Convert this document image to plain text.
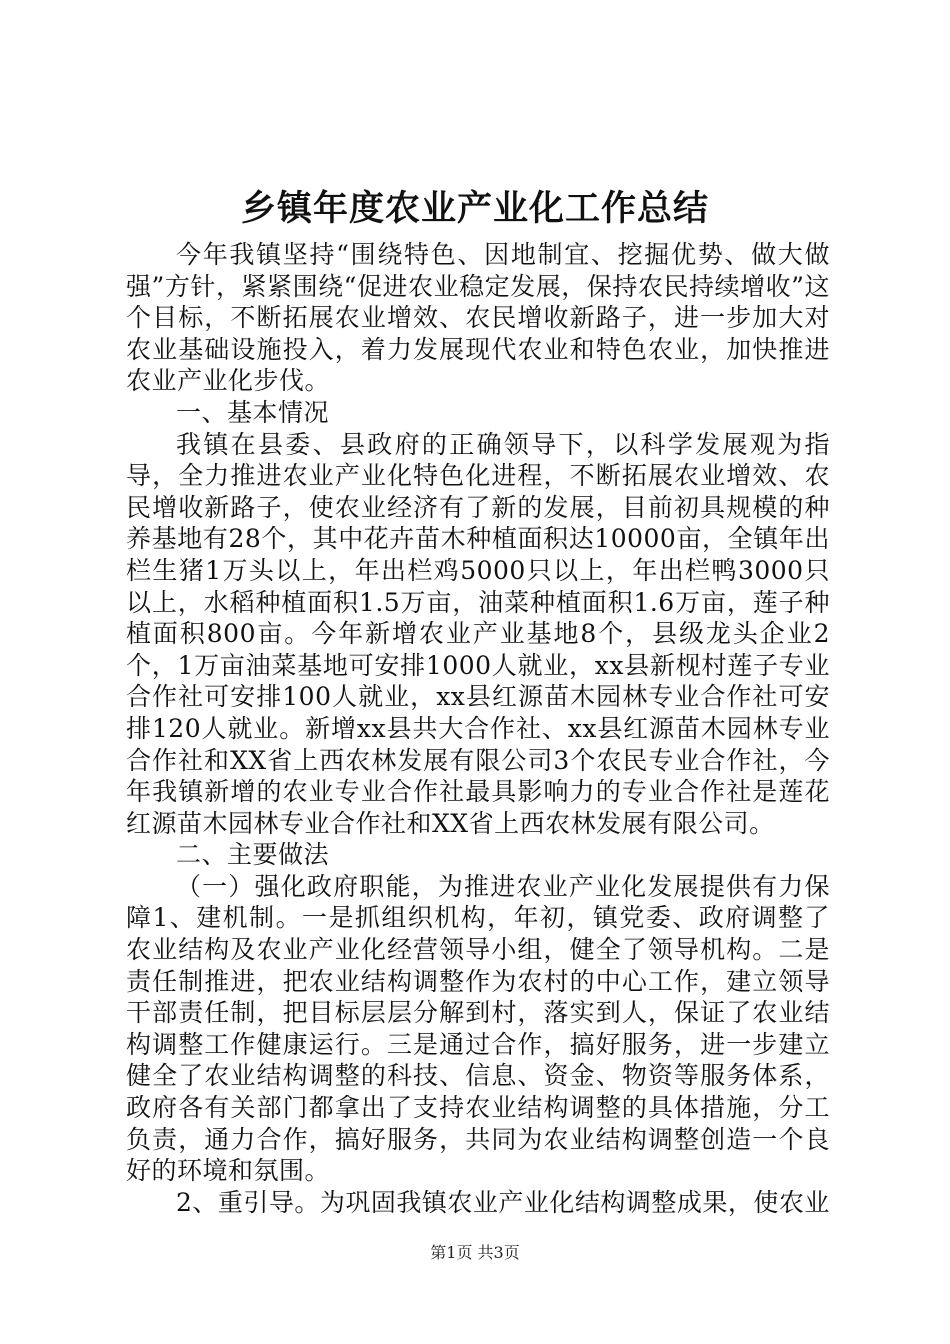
乡镇年度农业产业化工作总结

今年我镇坚持“围绕特色、因地制宜、挖掘优势、做大做强”方针，紧紧围绕“促进农业稳定发展，保持农民持续增收”这个目标，不断拓展农业增效、农民增收新路子，进一步加大对农业基础设施投入，着力发展现代农业和特色农业，加快推进农业产业化步伐。

一、基本情况

我镇在县委、县政府的正确领导下，以科学发展观为指导，全力推进农业产业化特色化进程，不断拓展农业增效、农民增收新路子，使农业经济有了新的发展，目前初具规模的种养基地有28个，其中花卉苗木种植面积达10000亩，全镇年出栏生猪1万头以上，年出栏鸡5000只以上，年出栏鸭3000只以上，水稻种植面积1.5万亩，油菜种植面积1.6万亩，莲子种植面积800亩。今年新增农业产业基地8个，县级龙头企业2个，1万亩油菜基地可安排1000人就业，xx县新枧村莲子专业合作社可安排100人就业，xx县红源苗木园林专业合作社可安排120人就业。新增xx县共大合作社、xx县红源苗木园林专业合作社和XX省上西农林发展有限公司3个农民专业合作社，今年我镇新增的农业专业合作社最具影响力的专业合作社是莲花红源苗木园林专业合作社和XX省上西农林发展有限公司。

二、主要做法

（一）强化政府职能，为推进农业产业化发展提供有力保障1、建机制。一是抓组织机构，年初，镇党委、政府调整了农业结构及农业产业化经营领导小组，健全了领导机构。二是责任制推进，把农业结构调整作为农村的中心工作，建立领导干部责任制，把目标层层分解到村，落实到人，保证了农业结构调整工作健康运行。三是通过合作，搞好服务，进一步建立健全了农业结构调整的科技、信息、资金、物资等服务体系，政府各有关部门都拿出了支持农业结构调整的具体措施，分工负责，通力合作，搞好服务，共同为农业结构调整创造一个良好的环境和氛围。

2、重引导。为巩固我镇农业产业化结构调整成果，使农业

第1页 共3页
